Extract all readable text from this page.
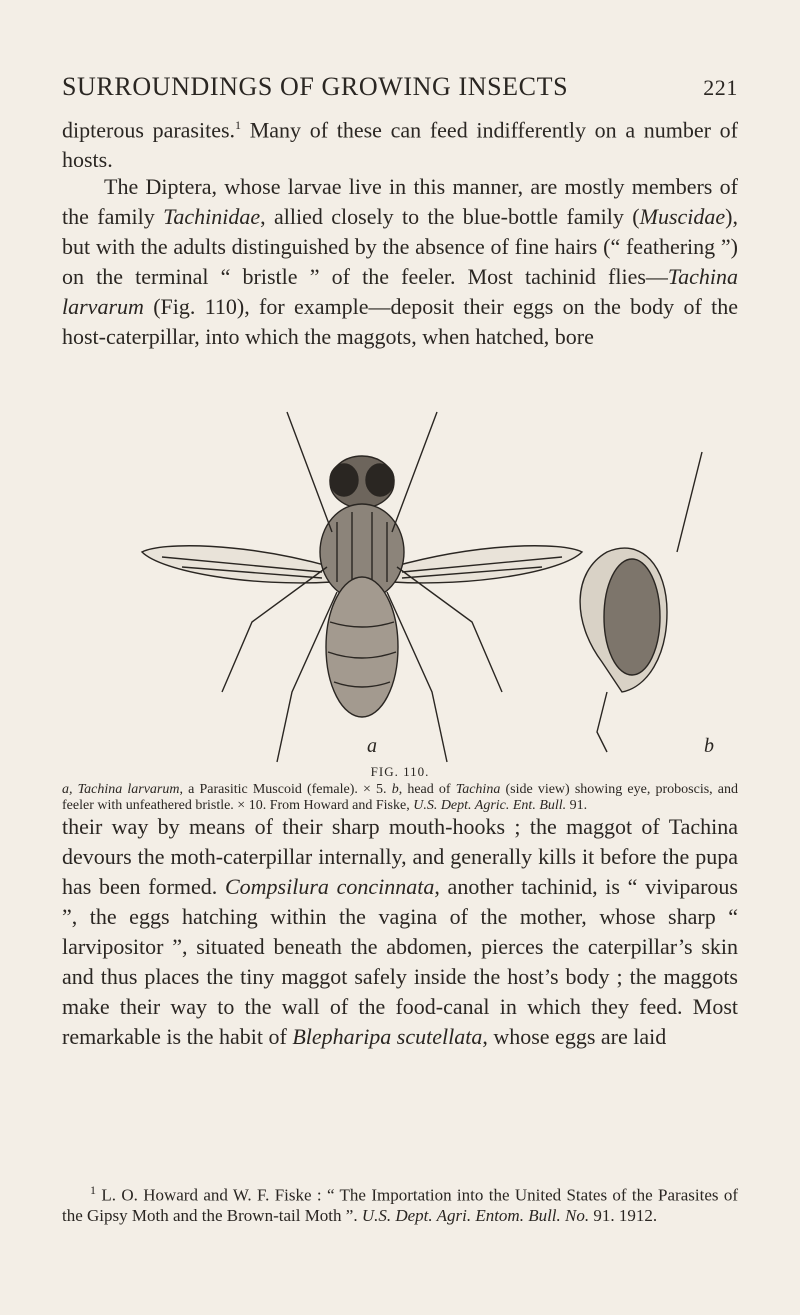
SURROUNDINGS OF GROWING INSECTS	221

dipterous parasites.$^1$ Many of these can feed indifferently on a number of hosts.

The Diptera, whose larvae live in this manner, are mostly members of the family Tachinidae, allied closely to the blue-bottle family (Muscidae), but with the adults distinguished by the absence of fine hairs (“ feathering ”) on the terminal “ bristle ” of the feeler. Most tachinid flies—Tachina larvarum (Fig. 110), for example—deposit their eggs on the body of the host-caterpillar, into which the maggots, when hatched, bore

a	b
FIG. 110.
a, Tachina larvarum, a Parasitic Muscoid (female). × 5. b, head of Tachina (side view) showing eye, proboscis, and feeler with unfeathered bristle. × 10. From Howard and Fiske, U.S. Dept. Agric. Ent. Bull. 91.

their way by means of their sharp mouth-hooks ; the maggot of Tachina devours the moth-caterpillar internally, and generally kills it before the pupa has been formed. Compsilura concinnata, another tachinid, is “ viviparous ”, the eggs hatching within the vagina of the mother, whose sharp “ larvipositor ”, situated beneath the abdomen, pierces the caterpillar’s skin and thus places the tiny maggot safely inside the host’s body ; the maggots make their way to the wall of the food-canal in which they feed. Most remarkable is the habit of Blepharipa scutellata, whose eggs are laid

$^1$ L. O. Howard and W. F. Fiske : “ The Importation into the United States of the Parasites of the Gipsy Moth and the Brown-tail Moth ”. U.S. Dept. Agri. Entom. Bull. No. 91. 1912.
